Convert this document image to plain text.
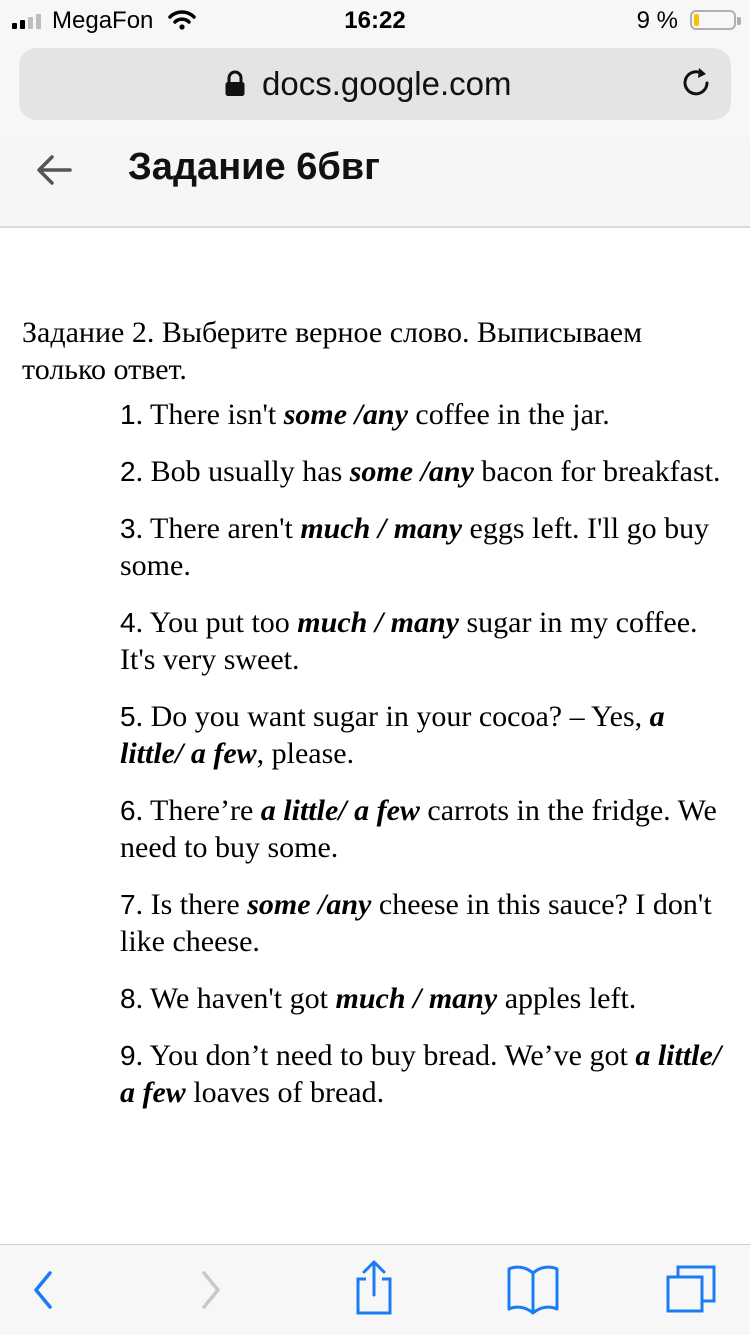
MegaFon	16:22	9 %
docs.google.com
Задание 6бвг
Задание 2. Выберите верное слово. Выписываем только ответ.
1. There isn't some /any coffee in the jar.
2. Bob usually has some /any bacon for breakfast.
3. There aren't much / many eggs left. I'll go buy some.
4. You put too much / many sugar in my coffee. It's very sweet.
5. Do you want sugar in your cocoa? – Yes, a little/ a few, please.
6. There’re a little/ a few carrots in the fridge. We need to buy some.
7. Is there some /any cheese in this sauce? I don't like cheese.
8. We haven't got much / many apples left.
9. You don’t need to buy bread. We’ve got a little/ a few loaves of bread.
